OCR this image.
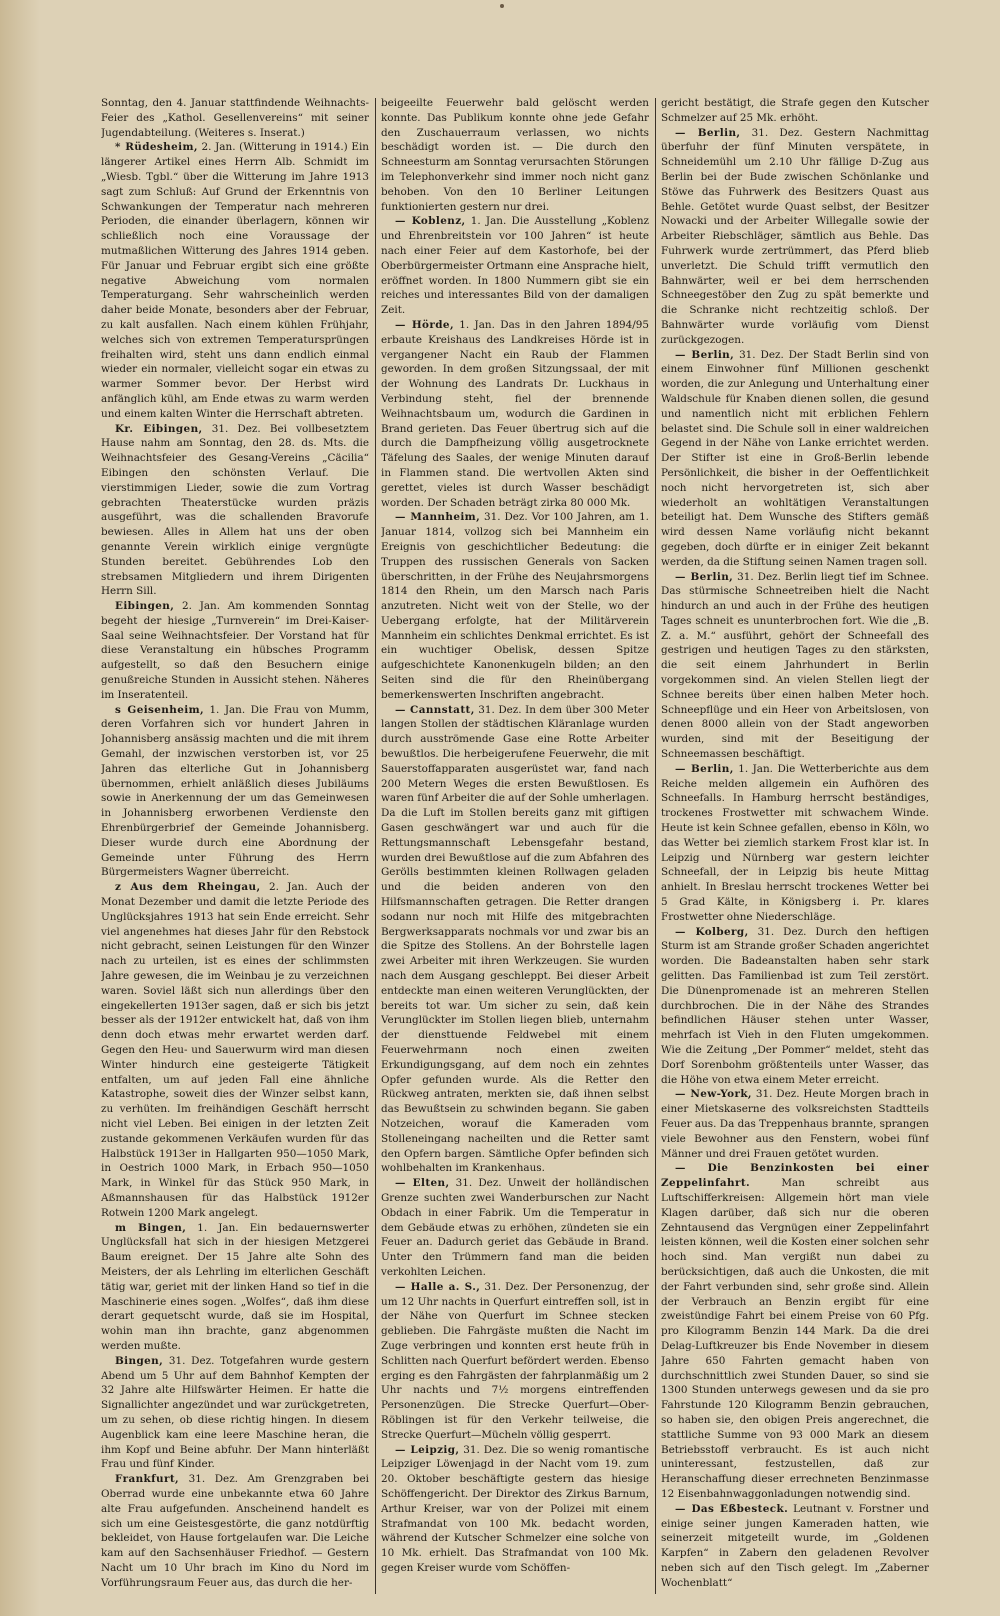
Sonntag, den 4. Januar stattfindende Weihnachts-Feier des „Kathol. Gesellenvereins“ mit seiner Jugendabteilung. (Weiteres s. Inserat.)

* Rüdesheim, 2. Jan. (Witterung in 1914.) Ein längerer Artikel eines Herrn Alb. Schmidt im „Wiesb. Tgbl.“ über die Witterung im Jahre 1913 sagt zum Schluß: Auf Grund der Erkenntnis von Schwankungen der Temperatur nach mehreren Perioden, die einander überlagern, können wir schließlich noch eine Voraussage der mutmaßlichen Witterung des Jahres 1914 geben. Für Januar und Februar ergibt sich eine größte negative Abweichung vom normalen Temperaturgang. Sehr wahrscheinlich werden daher beide Monate, besonders aber der Februar, zu kalt ausfallen. Nach einem kühlen Frühjahr, welches sich von extremen Temperatursprüngen freihalten wird, steht uns dann endlich einmal wieder ein normaler, vielleicht sogar ein etwas zu warmer Sommer bevor. Der Herbst wird anfänglich kühl, am Ende etwas zu warm werden und einem kalten Winter die Herrschaft abtreten.

Kr. Eibingen, 31. Dez. Bei vollbesetztem Hause nahm am Sonntag, den 28. ds. Mts. die Weihnachtsfeier des Gesang-Vereins „Cäcilia“ Eibingen den schönsten Verlauf. Die vierstimmigen Lieder, sowie die zum Vortrag gebrachten Theaterstücke wurden präzis ausgeführt, was die schallenden Bravorufe bewiesen. Alles in Allem hat uns der oben genannte Verein wirklich einige vergnügte Stunden bereitet. Gebührendes Lob den strebsamen Mitgliedern und ihrem Dirigenten Herrn Sill.

Eibingen, 2. Jan. Am kommenden Sonntag begeht der hiesige „Turnverein“ im Drei-Kaiser-Saal seine Weihnachtsfeier. Der Vorstand hat für diese Veranstaltung ein hübsches Programm aufgestellt, so daß den Besuchern einige genußreiche Stunden in Aussicht stehen. Näheres im Inseratenteil.

s Geisenheim, 1. Jan. Die Frau von Mumm, deren Vorfahren sich vor hundert Jahren in Johannisberg ansässig machten und die mit ihrem Gemahl, der inzwischen verstorben ist, vor 25 Jahren das elterliche Gut in Johannisberg übernommen, erhielt anläßlich dieses Jubiläums sowie in Anerkennung der um das Gemeinwesen in Johannisberg erworbenen Verdienste den Ehrenbürgerbrief der Gemeinde Johannisberg. Dieser wurde durch eine Abordnung der Gemeinde unter Führung des Herrn Bürgermeisters Wagner überreicht.

z Aus dem Rheingau, 2. Jan. Auch der Monat Dezember und damit die letzte Periode des Unglücksjahres 1913 hat sein Ende erreicht. Sehr viel angenehmes hat dieses Jahr für den Rebstock nicht gebracht, seinen Leistungen für den Winzer nach zu urteilen, ist es eines der schlimmsten Jahre gewesen, die im Weinbau je zu verzeichnen waren. Soviel läßt sich nun allerdings über den eingekellerten 1913er sagen, daß er sich bis jetzt besser als der 1912er entwickelt hat, daß von ihm denn doch etwas mehr erwartet werden darf. Gegen den Heu- und Sauerwurm wird man diesen Winter hindurch eine gesteigerte Tätigkeit entfalten, um auf jeden Fall eine ähnliche Katastrophe, soweit dies der Winzer selbst kann, zu verhüten. Im freihändigen Geschäft herrscht nicht viel Leben. Bei einigen in der letzten Zeit zustande gekommenen Verkäufen wurden für das Halbstück 1913er in Hallgarten 950—1050 Mark, in Oestrich 1000 Mark, in Erbach 950—1050 Mark, in Winkel für das Stück 950 Mark, in Aßmannshausen für das Halbstück 1912er Rotwein 1200 Mark angelegt.

m Bingen, 1. Jan. Ein bedauernswerter Unglücksfall hat sich in der hiesigen Metzgerei Baum ereignet. Der 15 Jahre alte Sohn des Meisters, der als Lehrling im elterlichen Geschäft tätig war, geriet mit der linken Hand so tief in die Maschinerie eines sogen. „Wolfes“, daß ihm diese derart gequetscht wurde, daß sie im Hospital, wohin man ihn brachte, ganz abgenommen werden mußte.

Bingen, 31. Dez. Totgefahren wurde gestern Abend um 5 Uhr auf dem Bahnhof Kempten der 32 Jahre alte Hilfswärter Heimen. Er hatte die Signallichter angezündet und war zurückgetreten, um zu sehen, ob diese richtig hingen. In diesem Augenblick kam eine leere Maschine heran, die ihm Kopf und Beine abfuhr. Der Mann hinterläßt Frau und fünf Kinder.

Frankfurt, 31. Dez. Am Grenzgraben bei Oberrad wurde eine unbekannte etwa 60 Jahre alte Frau aufgefunden. Anscheinend handelt es sich um eine Geistesgestörte, die ganz notdürftig bekleidet, von Hause fortgelaufen war. Die Leiche kam auf den Sachsenhäuser Friedhof. — Gestern Nacht um 10 Uhr brach im Kino du Nord im Vorführungsraum Feuer aus, das durch die her-

beigeeilte Feuerwehr bald gelöscht werden konnte. Das Publikum konnte ohne jede Gefahr den Zuschauerraum verlassen, wo nichts beschädigt worden ist. — Die durch den Schneesturm am Sonntag verursachten Störungen im Telephonverkehr sind immer noch nicht ganz behoben. Von den 10 Berliner Leitungen funktionierten gestern nur drei.

— Koblenz, 1. Jan. Die Ausstellung „Koblenz und Ehrenbreitstein vor 100 Jahren“ ist heute nach einer Feier auf dem Kastorhofe, bei der Oberbürgermeister Ortmann eine Ansprache hielt, eröffnet worden. In 1800 Nummern gibt sie ein reiches und interessantes Bild von der damaligen Zeit.

— Hörde, 1. Jan. Das in den Jahren 1894/95 erbaute Kreishaus des Landkreises Hörde ist in vergangener Nacht ein Raub der Flammen geworden. In dem großen Sitzungssaal, der mit der Wohnung des Landrats Dr. Luckhaus in Verbindung steht, fiel der brennende Weihnachtsbaum um, wodurch die Gardinen in Brand gerieten. Das Feuer übertrug sich auf die durch die Dampfheizung völlig ausgetrocknete Täfelung des Saales, der wenige Minuten darauf in Flammen stand. Die wertvollen Akten sind gerettet, vieles ist durch Wasser beschädigt worden. Der Schaden beträgt zirka 80 000 Mk.

— Mannheim, 31. Dez. Vor 100 Jahren, am 1. Januar 1814, vollzog sich bei Mannheim ein Ereignis von geschichtlicher Bedeutung: die Truppen des russischen Generals von Sacken überschritten, in der Frühe des Neujahrsmorgens 1814 den Rhein, um den Marsch nach Paris anzutreten. Nicht weit von der Stelle, wo der Uebergang erfolgte, hat der Militärverein Mannheim ein schlichtes Denkmal errichtet. Es ist ein wuchtiger Obelisk, dessen Spitze aufgeschichtete Kanonenkugeln bilden; an den Seiten sind die für den Rheinübergang bemerkenswerten Inschriften angebracht.

— Cannstatt, 31. Dez. In dem über 300 Meter langen Stollen der städtischen Kläranlage wurden durch ausströmende Gase eine Rotte Arbeiter bewußtlos. Die herbeigerufene Feuerwehr, die mit Sauerstoffapparaten ausgerüstet war, fand nach 200 Metern Weges die ersten Bewußtlosen. Es waren fünf Arbeiter die auf der Sohle umherlagen. Da die Luft im Stollen bereits ganz mit giftigen Gasen geschwängert war und auch für die Rettungsmannschaft Lebensgefahr bestand, wurden drei Bewußtlose auf die zum Abfahren des Gerölls bestimmten kleinen Rollwagen geladen und die beiden anderen von den Hilfsmannschaften getragen. Die Retter drangen sodann nur noch mit Hilfe des mitgebrachten Bergwerksapparats nochmals vor und zwar bis an die Spitze des Stollens. An der Bohrstelle lagen zwei Arbeiter mit ihren Werkzeugen. Sie wurden nach dem Ausgang geschleppt. Bei dieser Arbeit entdeckte man einen weiteren Verunglückten, der bereits tot war. Um sicher zu sein, daß kein Verunglückter im Stollen liegen blieb, unternahm der diensttuende Feldwebel mit einem Feuerwehrmann noch einen zweiten Erkundigungsgang, auf dem noch ein zehntes Opfer gefunden wurde. Als die Retter den Rückweg antraten, merkten sie, daß ihnen selbst das Bewußtsein zu schwinden begann. Sie gaben Notzeichen, worauf die Kameraden vom Stolleneingang nacheilten und die Retter samt den Opfern bargen. Sämtliche Opfer befinden sich wohlbehalten im Krankenhaus.

— Elten, 31. Dez. Unweit der holländischen Grenze suchten zwei Wanderburschen zur Nacht Obdach in einer Fabrik. Um die Temperatur in dem Gebäude etwas zu erhöhen, zündeten sie ein Feuer an. Dadurch geriet das Gebäude in Brand. Unter den Trümmern fand man die beiden verkohlten Leichen.

— Halle a. S., 31. Dez. Der Personenzug, der um 12 Uhr nachts in Querfurt eintreffen soll, ist in der Nähe von Querfurt im Schnee stecken geblieben. Die Fahrgäste mußten die Nacht im Zuge verbringen und konnten erst heute früh in Schlitten nach Querfurt befördert werden. Ebenso erging es den Fahrgästen der fahrplanmäßig um 2 Uhr nachts und 7½ morgens eintreffenden Personenzügen. Die Strecke Querfurt—Ober-Röblingen ist für den Verkehr teilweise, die Strecke Querfurt—Mücheln völlig gesperrt.

— Leipzig, 31. Dez. Die so wenig romantische Leipziger Löwenjagd in der Nacht vom 19. zum 20. Oktober beschäftigte gestern das hiesige Schöffengericht. Der Direktor des Zirkus Barnum, Arthur Kreiser, war von der Polizei mit einem Strafmandat von 100 Mk. bedacht worden, während der Kutscher Schmelzer eine solche von 10 Mk. erhielt. Das Strafmandat von 100 Mk. gegen Kreiser wurde vom Schöffen-

gericht bestätigt, die Strafe gegen den Kutscher Schmelzer auf 25 Mk. erhöht.

— Berlin, 31. Dez. Gestern Nachmittag überfuhr der fünf Minuten verspätete, in Schneidemühl um 2.10 Uhr fällige D-Zug aus Berlin bei der Bude zwischen Schönlanke und Stöwe das Fuhrwerk des Besitzers Quast aus Behle. Getötet wurde Quast selbst, der Besitzer Nowacki und der Arbeiter Willegalle sowie der Arbeiter Riebschläger, sämtlich aus Behle. Das Fuhrwerk wurde zertrümmert, das Pferd blieb unverletzt. Die Schuld trifft vermutlich den Bahnwärter, weil er bei dem herrschenden Schneegestöber den Zug zu spät bemerkte und die Schranke nicht rechtzeitig schloß. Der Bahnwärter wurde vorläufig vom Dienst zurückgezogen.

— Berlin, 31. Dez. Der Stadt Berlin sind von einem Einwohner fünf Millionen geschenkt worden, die zur Anlegung und Unterhaltung einer Waldschule für Knaben dienen sollen, die gesund und namentlich nicht mit erblichen Fehlern belastet sind. Die Schule soll in einer waldreichen Gegend in der Nähe von Lanke errichtet werden. Der Stifter ist eine in Groß-Berlin lebende Persönlichkeit, die bisher in der Oeffentlichkeit noch nicht hervorgetreten ist, sich aber wiederholt an wohltätigen Veranstaltungen beteiligt hat. Dem Wunsche des Stifters gemäß wird dessen Name vorläufig nicht bekannt gegeben, doch dürfte er in einiger Zeit bekannt werden, da die Stiftung seinen Namen tragen soll.

— Berlin, 31. Dez. Berlin liegt tief im Schnee. Das stürmische Schneetreiben hielt die Nacht hindurch an und auch in der Frühe des heutigen Tages schneit es ununterbrochen fort. Wie die „B. Z. a. M.“ ausführt, gehört der Schneefall des gestrigen und heutigen Tages zu den stärksten, die seit einem Jahrhundert in Berlin vorgekommen sind. An vielen Stellen liegt der Schnee bereits über einen halben Meter hoch. Schneepflüge und ein Heer von Arbeitslosen, von denen 8000 allein von der Stadt angeworben wurden, sind mit der Beseitigung der Schneemassen beschäftigt.

— Berlin, 1. Jan. Die Wetterberichte aus dem Reiche melden allgemein ein Aufhören des Schneefalls. In Hamburg herrscht beständiges, trockenes Frostwetter mit schwachem Winde. Heute ist kein Schnee gefallen, ebenso in Köln, wo das Wetter bei ziemlich starkem Frost klar ist. In Leipzig und Nürnberg war gestern leichter Schneefall, der in Leipzig bis heute Mittag anhielt. In Breslau herrscht trockenes Wetter bei 5 Grad Kälte, in Königsberg i. Pr. klares Frostwetter ohne Niederschläge.

— Kolberg, 31. Dez. Durch den heftigen Sturm ist am Strande großer Schaden angerichtet worden. Die Badeanstalten haben sehr stark gelitten. Das Familienbad ist zum Teil zerstört. Die Dünenpromenade ist an mehreren Stellen durchbrochen. Die in der Nähe des Strandes befindlichen Häuser stehen unter Wasser, mehrfach ist Vieh in den Fluten umgekommen. Wie die Zeitung „Der Pommer“ meldet, steht das Dorf Sorenbohm größtenteils unter Wasser, das die Höhe von etwa einem Meter erreicht.

— New-York, 31. Dez. Heute Morgen brach in einer Mietskaserne des volksreichsten Stadtteils Feuer aus. Da das Treppenhaus brannte, sprangen viele Bewohner aus den Fenstern, wobei fünf Männer und drei Frauen getötet wurden.

— Die Benzinkosten bei einer Zeppelinfahrt. Man schreibt aus Luftschifferkreisen: Allgemein hört man viele Klagen darüber, daß sich nur die oberen Zehntausend das Vergnügen einer Zeppelinfahrt leisten können, weil die Kosten einer solchen sehr hoch sind. Man vergißt nun dabei zu berücksichtigen, daß auch die Unkosten, die mit der Fahrt verbunden sind, sehr große sind. Allein der Verbrauch an Benzin ergibt für eine zweistündige Fahrt bei einem Preise von 60 Pfg. pro Kilogramm Benzin 144 Mark. Da die drei Delag-Luftkreuzer bis Ende November in diesem Jahre 650 Fahrten gemacht haben von durchschnittlich zwei Stunden Dauer, so sind sie 1300 Stunden unterwegs gewesen und da sie pro Fahrstunde 120 Kilogramm Benzin gebrauchen, so haben sie, den obigen Preis angerechnet, die stattliche Summe von 93 000 Mark an diesem Betriebsstoff verbraucht. Es ist auch nicht uninteressant, festzustellen, daß zur Heranschaffung dieser errechneten Benzinmasse 12 Eisenbahnwaggonladungen notwendig sind.

— Das Eßbesteck. Leutnant v. Forstner und einige seiner jungen Kameraden hatten, wie seinerzeit mitgeteilt wurde, im „Goldenen Karpfen“ in Zabern den geladenen Revolver neben sich auf den Tisch gelegt. Im „Zaberner Wochenblatt“
